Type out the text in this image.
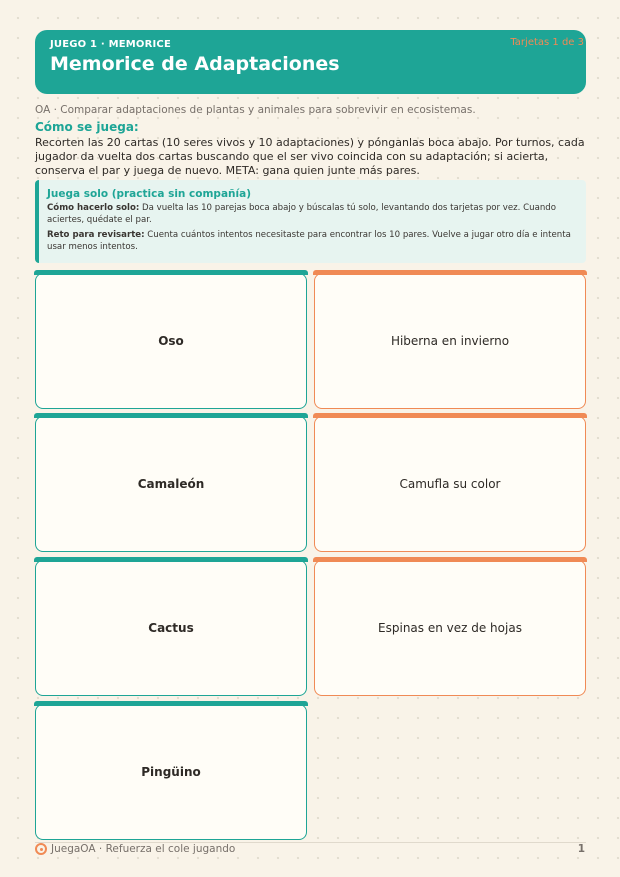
JUEGO 1 · MEMORICE
Memorice de Adaptaciones
Tarjetas 1 de 3
OA · Comparar adaptaciones de plantas y animales para sobrevivir en ecosistemas.
Cómo se juega:
Recorten las 20 cartas (10 seres vivos y 10 adaptaciones) y pónganlas boca abajo. Por turnos, cada jugador da vuelta dos cartas buscando que el ser vivo coincida con su adaptación; si acierta, conserva el par y juega de nuevo. META: gana quien junte más pares.
Juega solo (practica sin compañía)

Cómo hacerlo solo: Da vuelta las 10 parejas boca abajo y búscalas tú solo, levantando dos tarjetas por vez. Cuando aciertes, quédate el par.

Reto para revisarte: Cuenta cuántos intentos necesitaste para encontrar los 10 pares. Vuelve a jugar otro día e intenta usar menos intentos.

Oso	Hiberna en invierno
Camaleón	Camufla su color
Cactus	Espinas en vez de hojas
Pingüino
JuegaOA · Refuerza el cole jugando	1
